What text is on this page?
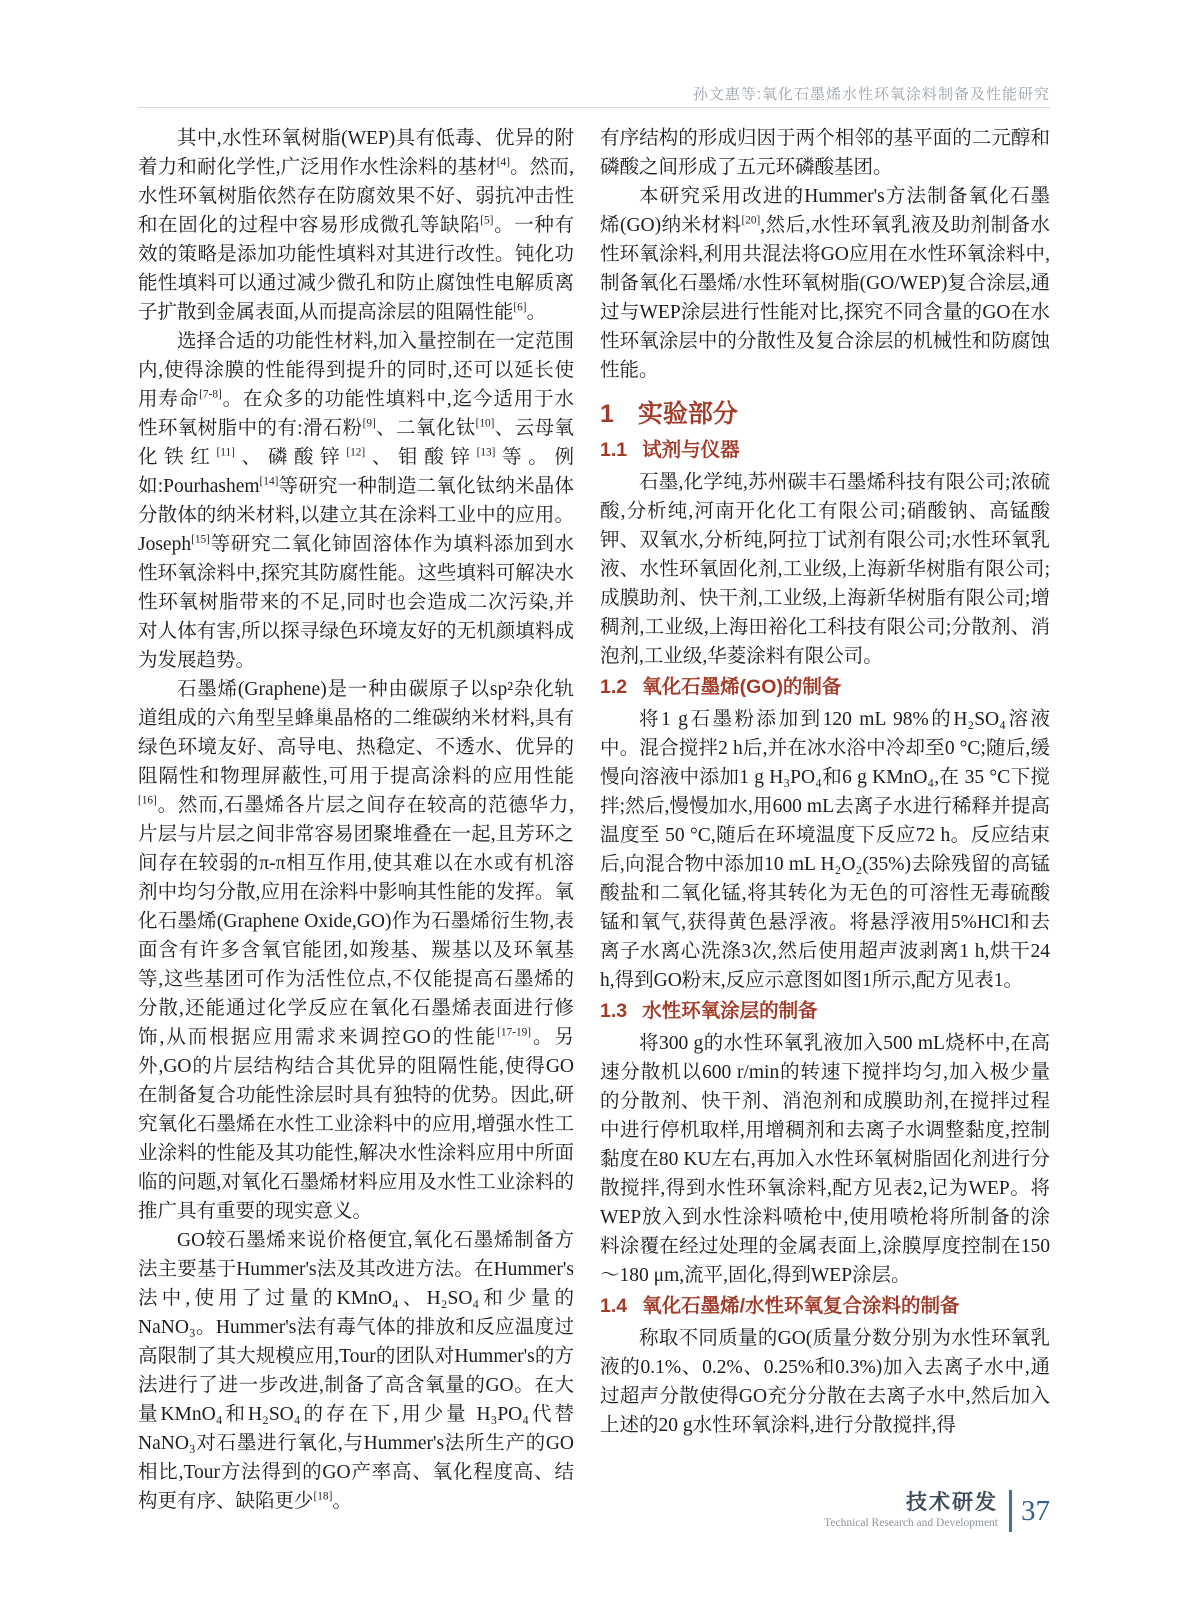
孙文惠等:氧化石墨烯水性环氧涂料制备及性能研究

其中,水性环氧树脂(WEP)具有低毒、优异的附着力和耐化学性,广泛用作水性涂料的基材[4]。然而,水性环氧树脂依然存在防腐效果不好、弱抗冲击性和在固化的过程中容易形成微孔等缺陷[5]。一种有效的策略是添加功能性填料对其进行改性。钝化功能性填料可以通过减少微孔和防止腐蚀性电解质离子扩散到金属表面,从而提高涂层的阻隔性能[6]。

选择合适的功能性材料,加入量控制在一定范围内,使得涂膜的性能得到提升的同时,还可以延长使用寿命[7-8]。在众多的功能性填料中,迄今适用于水性环氧树脂中的有:滑石粉[9]、二氧化钛[10]、云母氧化铁红[11]、磷酸锌[12]、钼酸锌[13]等。例如:Pourhashem[14]等研究一种制造二氧化钛纳米晶体分散体的纳米材料,以建立其在涂料工业中的应用。Joseph[15]等研究二氧化铈固溶体作为填料添加到水性环氧涂料中,探究其防腐性能。这些填料可解决水性环氧树脂带来的不足,同时也会造成二次污染,并对人体有害,所以探寻绿色环境友好的无机颜填料成为发展趋势。

石墨烯(Graphene)是一种由碳原子以sp²杂化轨道组成的六角型呈蜂巢晶格的二维碳纳米材料,具有绿色环境友好、高导电、热稳定、不透水、优异的阻隔性和物理屏蔽性,可用于提高涂料的应用性能[16]。然而,石墨烯各片层之间存在较高的范德华力,片层与片层之间非常容易团聚堆叠在一起,且芳环之间存在较弱的π-π相互作用,使其难以在水或有机溶剂中均匀分散,应用在涂料中影响其性能的发挥。氧化石墨烯(Graphene Oxide,GO)作为石墨烯衍生物,表面含有许多含氧官能团,如羧基、羰基以及环氧基等,这些基团可作为活性位点,不仅能提高石墨烯的分散,还能通过化学反应在氧化石墨烯表面进行修饰,从而根据应用需求来调控GO的性能[17-19]。另外,GO的片层结构结合其优异的阻隔性能,使得GO在制备复合功能性涂层时具有独特的优势。因此,研究氧化石墨烯在水性工业涂料中的应用,增强水性工业涂料的性能及其功能性,解决水性涂料应用中所面临的问题,对氧化石墨烯材料应用及水性工业涂料的推广具有重要的现实意义。

GO较石墨烯来说价格便宜,氧化石墨烯制备方法主要基于Hummer's法及其改进方法。在Hummer's法中,使用了过量的KMnO₄、H₂SO₄和少量的NaNO₃。Hummer's法有毒气体的排放和反应温度过高限制了其大规模应用,Tour的团队对Hummer's的方法进行了进一步改进,制备了高含氧量的GO。在大量KMnO₄和H₂SO₄的存在下,用少量 H₃PO₄代替NaNO₃对石墨进行氧化,与Hummer's法所生产的GO相比,Tour方法得到的GO产率高、氧化程度高、结构更有序、缺陷更少[18]。

有序结构的形成归因于两个相邻的基平面的二元醇和磷酸之间形成了五元环磷酸基团。

本研究采用改进的Hummer's方法制备氧化石墨烯(GO)纳米材料[20],然后,水性环氧乳液及助剂制备水性环氧涂料,利用共混法将GO应用在水性环氧涂料中,制备氧化石墨烯/水性环氧树脂(GO/WEP)复合涂层,通过与WEP涂层进行性能对比,探究不同含量的GO在水性环氧涂层中的分散性及复合涂层的机械性和防腐蚀性能。

1 实验部分
1.1 试剂与仪器

石墨,化学纯,苏州碳丰石墨烯科技有限公司;浓硫酸,分析纯,河南开化化工有限公司;硝酸钠、高锰酸钾、双氧水,分析纯,阿拉丁试剂有限公司;水性环氧乳液、水性环氧固化剂,工业级,上海新华树脂有限公司;成膜助剂、快干剂,工业级,上海新华树脂有限公司;增稠剂,工业级,上海田裕化工科技有限公司;分散剂、消泡剂,工业级,华菱涂料有限公司。

1.2 氧化石墨烯(GO)的制备

将1 g石墨粉添加到120 mL 98%的H₂SO₄溶液中。混合搅拌2 h后,并在冰水浴中冷却至0 °C;随后,缓慢向溶液中添加1 g H₃PO₄和6 g KMnO₄,在 35 °C下搅拌;然后,慢慢加水,用600 mL去离子水进行稀释并提高温度至 50 °C,随后在环境温度下反应72 h。反应结束后,向混合物中添加10 mL H₂O₂(35%)去除残留的高锰酸盐和二氧化锰,将其转化为无色的可溶性无毒硫酸锰和氧气,获得黄色悬浮液。将悬浮液用5%HCl和去离子水离心洗涤3次,然后使用超声波剥离1 h,烘干24 h,得到GO粉末,反应示意图如图1所示,配方见表1。

1.3 水性环氧涂层的制备

将300 g的水性环氧乳液加入500 mL烧杯中,在高速分散机以600 r/min的转速下搅拌均匀,加入极少量的分散剂、快干剂、消泡剂和成膜助剂,在搅拌过程中进行停机取样,用增稠剂和去离子水调整黏度,控制黏度在80 KU左右,再加入水性环氧树脂固化剂进行分散搅拌,得到水性环氧涂料,配方见表2,记为WEP。将WEP放入到水性涂料喷枪中,使用喷枪将所制备的涂料涂覆在经过处理的金属表面上,涂膜厚度控制在150～180 μm,流平,固化,得到WEP涂层。

1.4 氧化石墨烯/水性环氧复合涂料的制备

称取不同质量的GO(质量分数分别为水性环氧乳液的0.1%、0.2%、0.25%和0.3%)加入去离子水中,通过超声分散使得GO充分分散在去离子水中,然后加入上述的20 g水性环氧涂料,进行分散搅拌,得

技术研发
Technical Research and Development 37
